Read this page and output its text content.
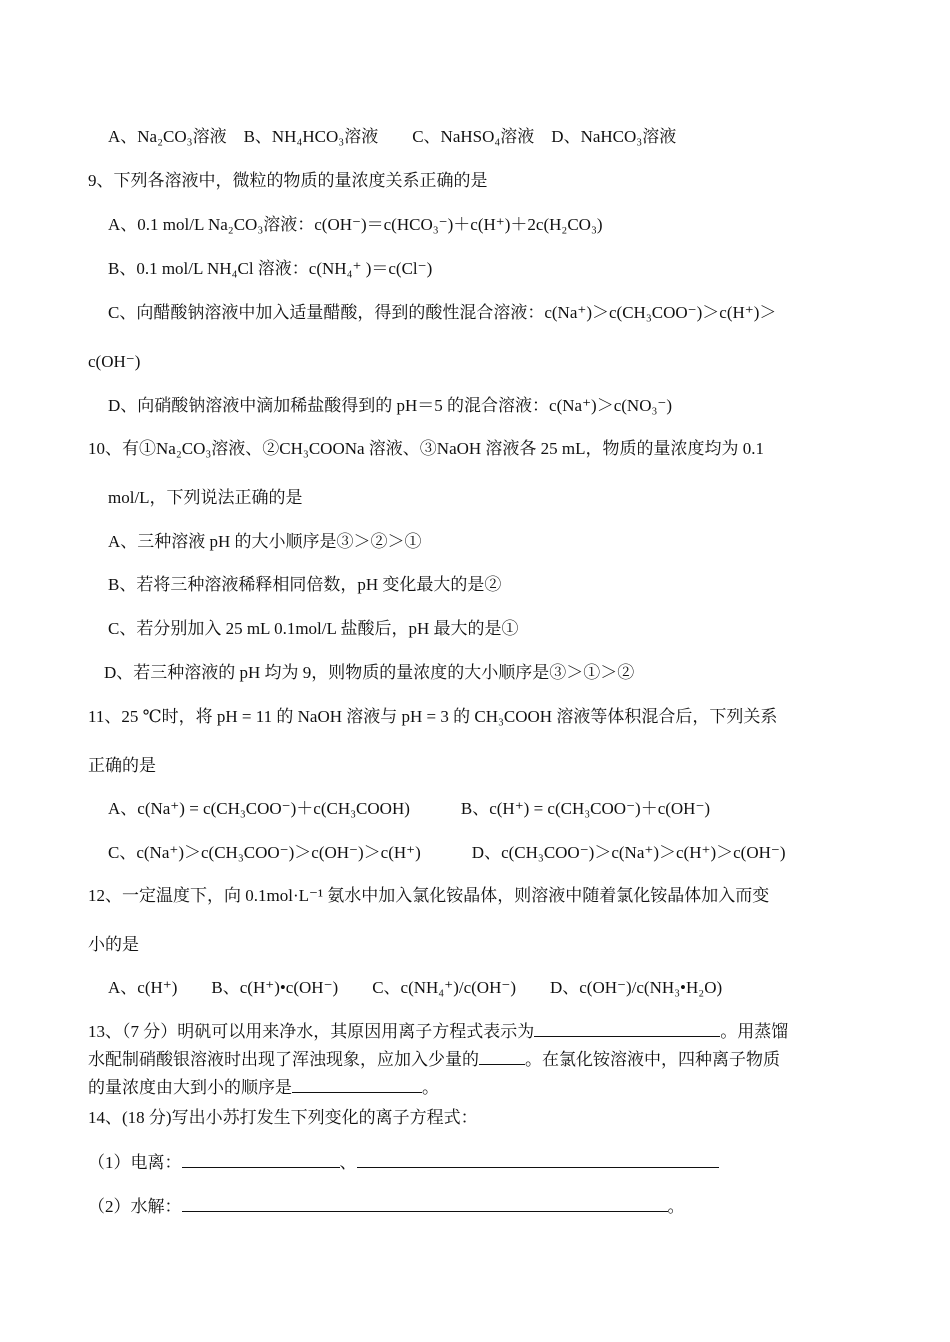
A、Na₂CO₃溶液　B、NH₄HCO₃溶液　　C、NaHSO₄溶液　D、NaHCO₃溶液
9、下列各溶液中，微粒的物质的量浓度关系正确的是
A、0.1 mol/L Na₂CO₃溶液：c(OH⁻)＝c(HCO₃⁻)＋c(H⁺)＋2c(H₂CO₃)
B、0.1 mol/L NH₄Cl 溶液：c(NH₄⁺ )＝c(Cl⁻)
C、向醋酸钠溶液中加入适量醋酸，得到的酸性混合溶液：c(Na⁺)＞c(CH₃COO⁻)＞c(H⁺)＞
c(OH⁻)
D、向硝酸钠溶液中滴加稀盐酸得到的 pH＝5 的混合溶液：c(Na⁺)＞c(NO₃⁻)
10、有①Na₂CO₃溶液、②CH₃COONa 溶液、③NaOH 溶液各 25 mL，物质的量浓度均为 0.1
mol/L，下列说法正确的是
A、三种溶液 pH 的大小顺序是③＞②＞①
B、若将三种溶液稀释相同倍数，pH 变化最大的是②
C、若分别加入 25 mL 0.1mol/L 盐酸后，pH 最大的是①
D、若三种溶液的 pH 均为 9，则物质的量浓度的大小顺序是③＞①＞②
11、25 ℃时，将 pH = 11 的 NaOH 溶液与 pH = 3 的 CH₃COOH 溶液等体积混合后，下列关系
正确的是
A、c(Na⁺) = c(CH₃COO⁻)＋c(CH₃COOH)　　　B、c(H⁺) = c(CH₃COO⁻)＋c(OH⁻)
C、c(Na⁺)＞c(CH₃COO⁻)＞c(OH⁻)＞c(H⁺)　　　D、c(CH₃COO⁻)＞c(Na⁺)＞c(H⁺)＞c(OH⁻)
12、一定温度下，向 0.1mol·L⁻¹ 氨水中加入氯化铵晶体，则溶液中随着氯化铵晶体加入而变
小的是
A、c(H⁺)　　B、c(H⁺)•c(OH⁻)　　C、c(NH₄⁺)/c(OH⁻)　　D、c(OH⁻)/c(NH₃•H₂O)
13、（7 分）明矾可以用来净水，其原因用离子方程式表示为	。用蒸馏
水配制硝酸银溶液时出现了浑浊现象，应加入少量的	。在氯化铵溶液中，四种离子物质
的量浓度由大到小的顺序是	。
14、(18 分)写出小苏打发生下列变化的离子方程式：
（1）电离：	、
（2）水解：	。
